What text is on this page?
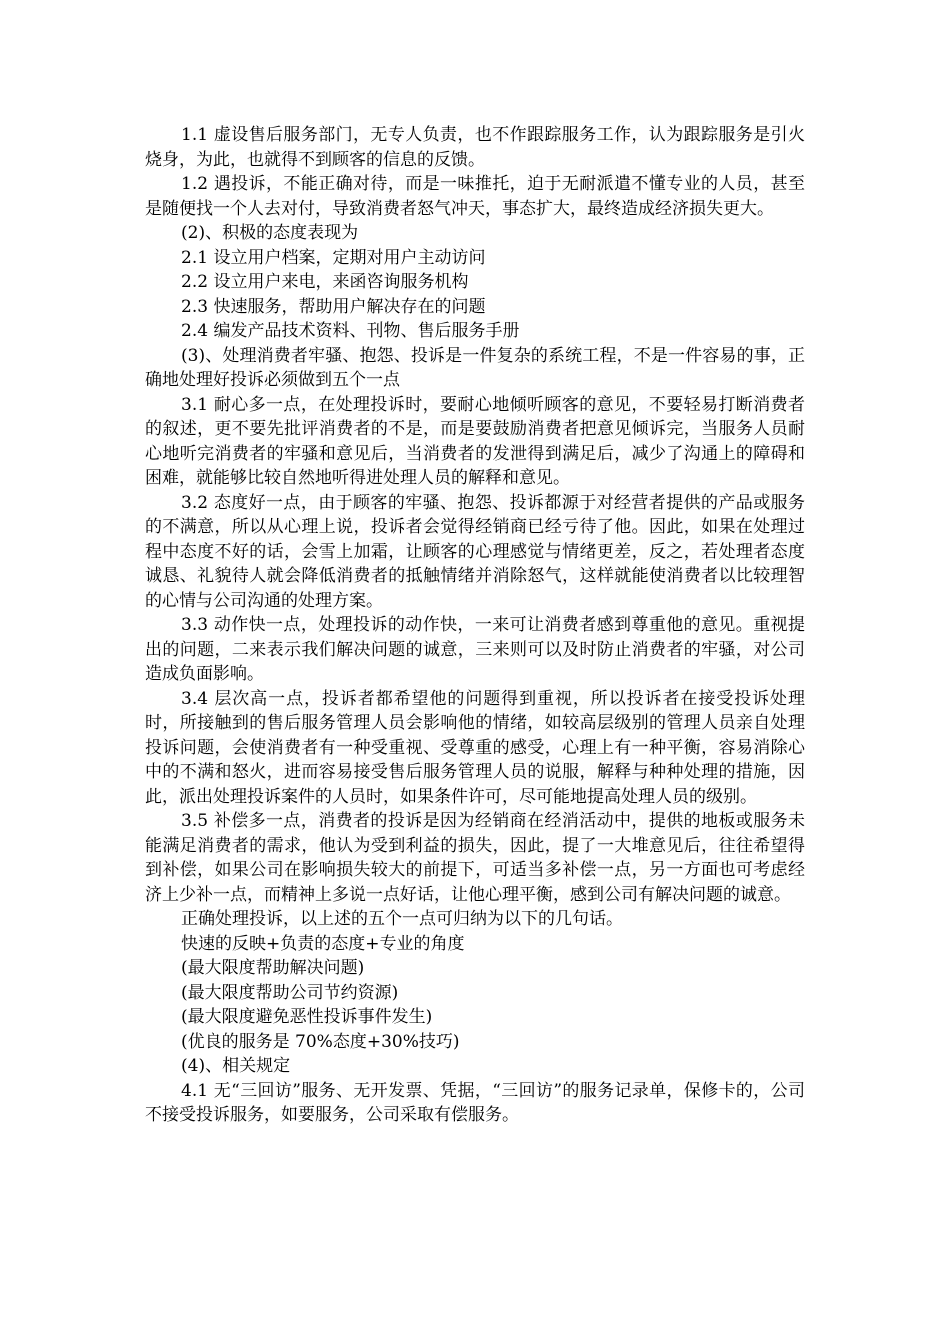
1.1 虚设售后服务部门，无专人负责，也不作跟踪服务工作，认为跟踪服务是引火烧身，为此，也就得不到顾客的信息的反馈。

1.2 遇投诉，不能正确对待，而是一味推托，迫于无耐派遣不懂专业的人员，甚至是随便找一个人去对付，导致消费者怒气冲天，事态扩大，最终造成经济损失更大。

(2)、积极的态度表现为

2.1 设立用户档案，定期对用户主动访问

2.2 设立用户来电，来函咨询服务机构

2.3 快速服务，帮助用户解决存在的问题

2.4 编发产品技术资料、刊物、售后服务手册

(3)、处理消费者牢骚、抱怨、投诉是一件复杂的系统工程，不是一件容易的事，正确地处理好投诉必须做到五个一点

3.1 耐心多一点，在处理投诉时，要耐心地倾听顾客的意见，不要轻易打断消费者的叙述，更不要先批评消费者的不是，而是要鼓励消费者把意见倾诉完，当服务人员耐心地听完消费者的牢骚和意见后，当消费者的发泄得到满足后，减少了沟通上的障碍和困难，就能够比较自然地听得进处理人员的解释和意见。

3.2 态度好一点，由于顾客的牢骚、抱怨、投诉都源于对经营者提供的产品或服务的不满意，所以从心理上说，投诉者会觉得经销商已经亏待了他。因此，如果在处理过程中态度不好的话，会雪上加霜，让顾客的心理感觉与情绪更差，反之，若处理者态度诚恳、礼貌待人就会降低消费者的抵触情绪并消除怒气，这样就能使消费者以比较理智的心情与公司沟通的处理方案。

3.3 动作快一点，处理投诉的动作快，一来可让消费者感到尊重他的意见。重视提出的问题，二来表示我们解决问题的诚意，三来则可以及时防止消费者的牢骚，对公司造成负面影响。

3.4 层次高一点，投诉者都希望他的问题得到重视，所以投诉者在接受投诉处理时，所接触到的售后服务管理人员会影响他的情绪，如较高层级别的管理人员亲自处理投诉问题，会使消费者有一种受重视、受尊重的感受，心理上有一种平衡，容易消除心中的不满和怒火，进而容易接受售后服务管理人员的说服，解释与种种处理的措施，因此，派出处理投诉案件的人员时，如果条件许可，尽可能地提高处理人员的级别。

3.5 补偿多一点，消费者的投诉是因为经销商在经消活动中，提供的地板或服务未能满足消费者的需求，他认为受到利益的损失，因此，提了一大堆意见后，往往希望得到补偿，如果公司在影响损失较大的前提下，可适当多补偿一点，另一方面也可考虑经济上少补一点，而精神上多说一点好话，让他心理平衡，感到公司有解决问题的诚意。

正确处理投诉，以上述的五个一点可归纳为以下的几句话。

快速的反映+负责的态度+专业的角度

(最大限度帮助解决问题)

(最大限度帮助公司节约资源)

(最大限度避免恶性投诉事件发生)

(优良的服务是 70%态度+30%技巧)

(4)、相关规定

4.1 无“三回访”服务、无开发票、凭据，“三回访”的服务记录单，保修卡的，公司不接受投诉服务，如要服务，公司采取有偿服务。
